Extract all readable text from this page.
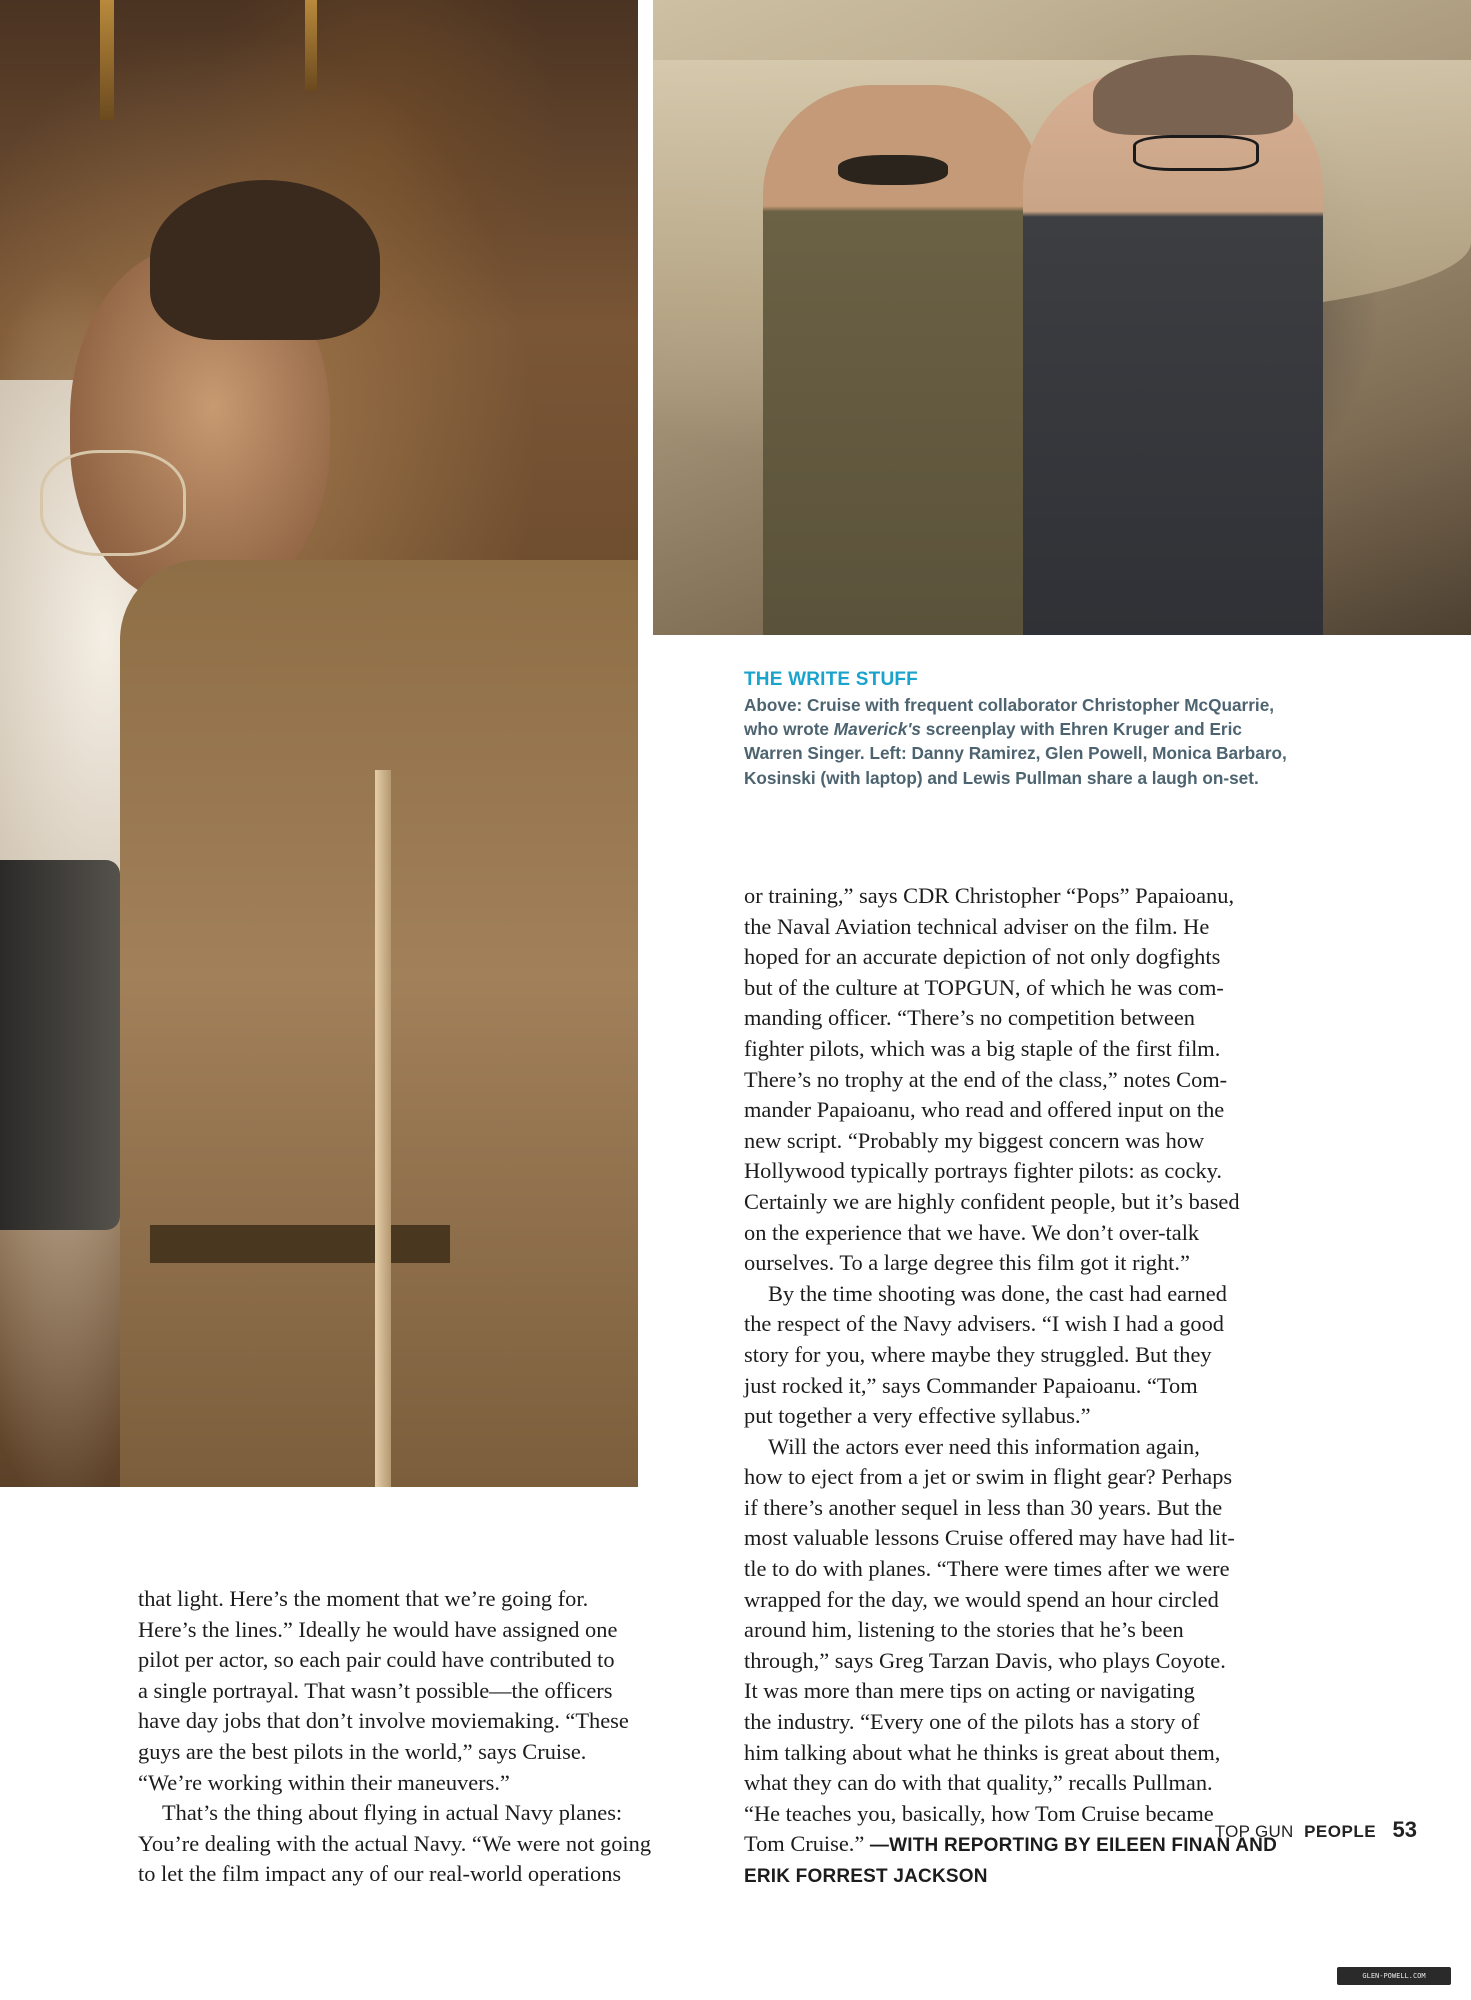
THE WRITE STUFF

Above: Cruise with frequent collaborator Christopher McQuarrie,

who wrote Maverick's screenplay with Ehren Kruger and Eric

Warren Singer. Left: Danny Ramirez, Glen Powell, Monica Barbaro,

Kosinski (with laptop) and Lewis Pullman share a laugh on-set.

or training,” says CDR Christopher “Pops” Papaioanu,

the Naval Aviation technical adviser on the film. He

hoped for an accurate depiction of not only dogfights

but of the culture at TOPGUN, of which he was com-

manding officer. “There’s no competition between

fighter pilots, which was a big staple of the first film.

There’s no trophy at the end of the class,” notes Com-

mander Papaioanu, who read and offered input on the

new script. “Probably my biggest concern was how

Hollywood typically portrays fighter pilots: as cocky.

Certainly we are highly confident people, but it’s based

on the experience that we have. We don’t over-talk

ourselves. To a large degree this film got it right.”

By the time shooting was done, the cast had earned

the respect of the Navy advisers. “I wish I had a good

story for you, where maybe they struggled. But they

just rocked it,” says Commander Papaioanu. “Tom

put together a very effective syllabus.”

Will the actors ever need this information again,

how to eject from a jet or swim in flight gear? Perhaps

if there’s another sequel in less than 30 years. But the

most valuable lessons Cruise offered may have had lit-

tle to do with planes. “There were times after we were

wrapped for the day, we would spend an hour circled

around him, listening to the stories that he’s been

through,” says Greg Tarzan Davis, who plays Coyote.

It was more than mere tips on acting or navigating

the industry. “Every one of the pilots has a story of

him talking about what he thinks is great about them,

what they can do with that quality,” recalls Pullman.

“He teaches you, basically, how Tom Cruise became

Tom Cruise.” —WITH REPORTING BY EILEEN FINAN AND

ERIK FORREST JACKSON

that light. Here’s the moment that we’re going for.

Here’s the lines.” Ideally he would have assigned one

pilot per actor, so each pair could have contributed to

a single portrayal. That wasn’t possible—the officers

have day jobs that don’t involve moviemaking. “These

guys are the best pilots in the world,” says Cruise.

“We’re working within their maneuvers.”

That’s the thing about flying in actual Navy planes:

You’re dealing with the actual Navy. “We were not going

to let the film impact any of our real-world operations

TOP GUN PEOPLE 53
GLEN-POWELL.COM
